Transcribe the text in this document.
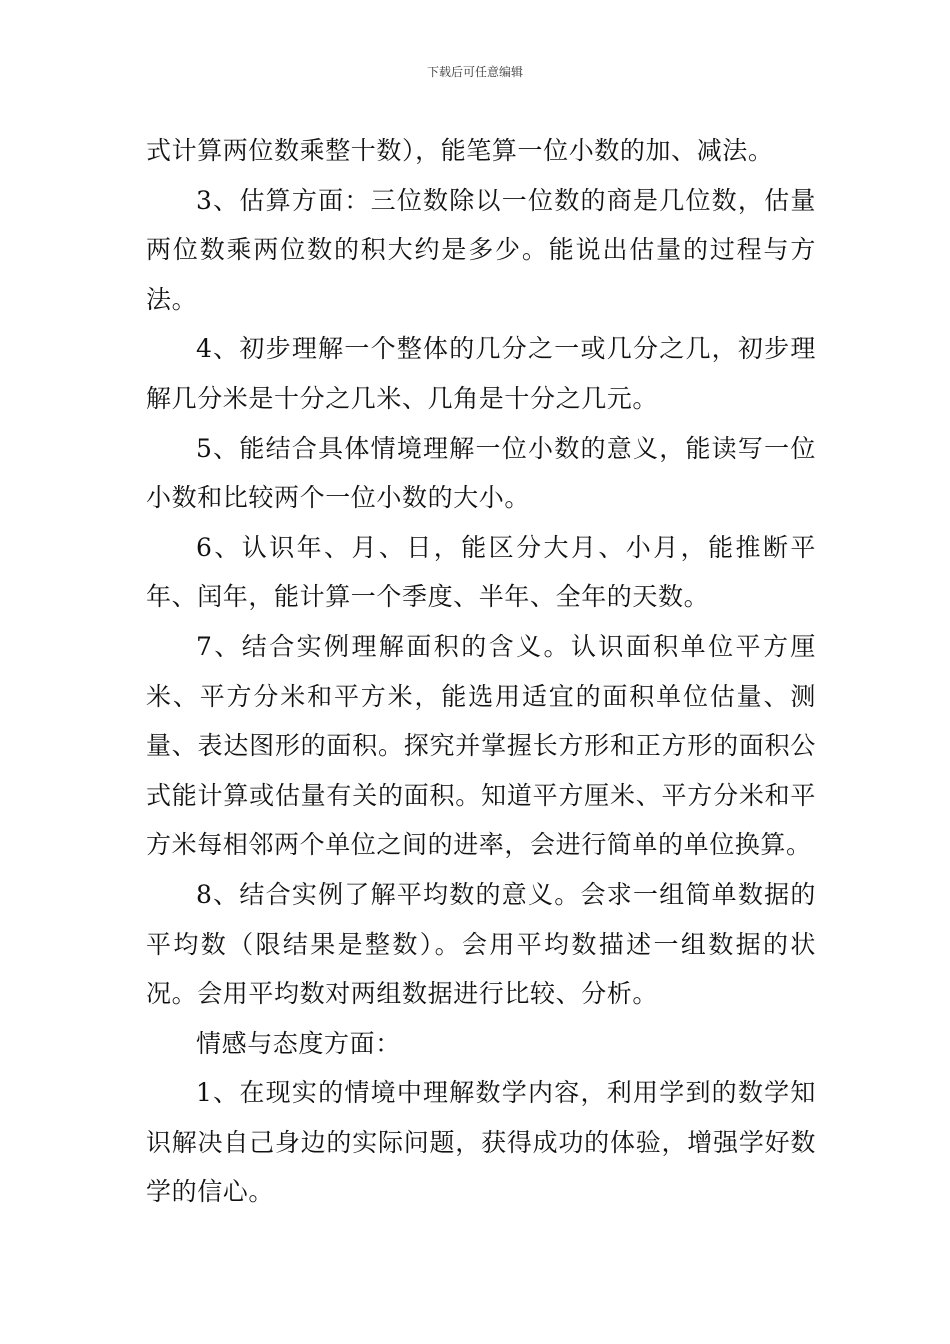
下载后可任意编辑

式计算两位数乘整十数），能笔算一位小数的加、减法。

3、估算方面：三位数除以一位数的商是几位数，估量两位数乘两位数的积大约是多少。能说出估量的过程与方法。

4、初步理解一个整体的几分之一或几分之几，初步理解几分米是十分之几米、几角是十分之几元。

5、能结合具体情境理解一位小数的意义，能读写一位小数和比较两个一位小数的大小。

6、认识年、月、日，能区分大月、小月，能推断平年、闰年，能计算一个季度、半年、全年的天数。

7、结合实例理解面积的含义。认识面积单位平方厘米、平方分米和平方米，能选用适宜的面积单位估量、测量、表达图形的面积。探究并掌握长方形和正方形的面积公式能计算或估量有关的面积。知道平方厘米、平方分米和平方米每相邻两个单位之间的进率，会进行简单的单位换算。

8、结合实例了解平均数的意义。会求一组简单数据的平均数（限结果是整数）。会用平均数描述一组数据的状况。会用平均数对两组数据进行比较、分析。

情感与态度方面：

1、在现实的情境中理解数学内容，利用学到的数学知识解决自己身边的实际问题，获得成功的体验，增强学好数学的信心。
